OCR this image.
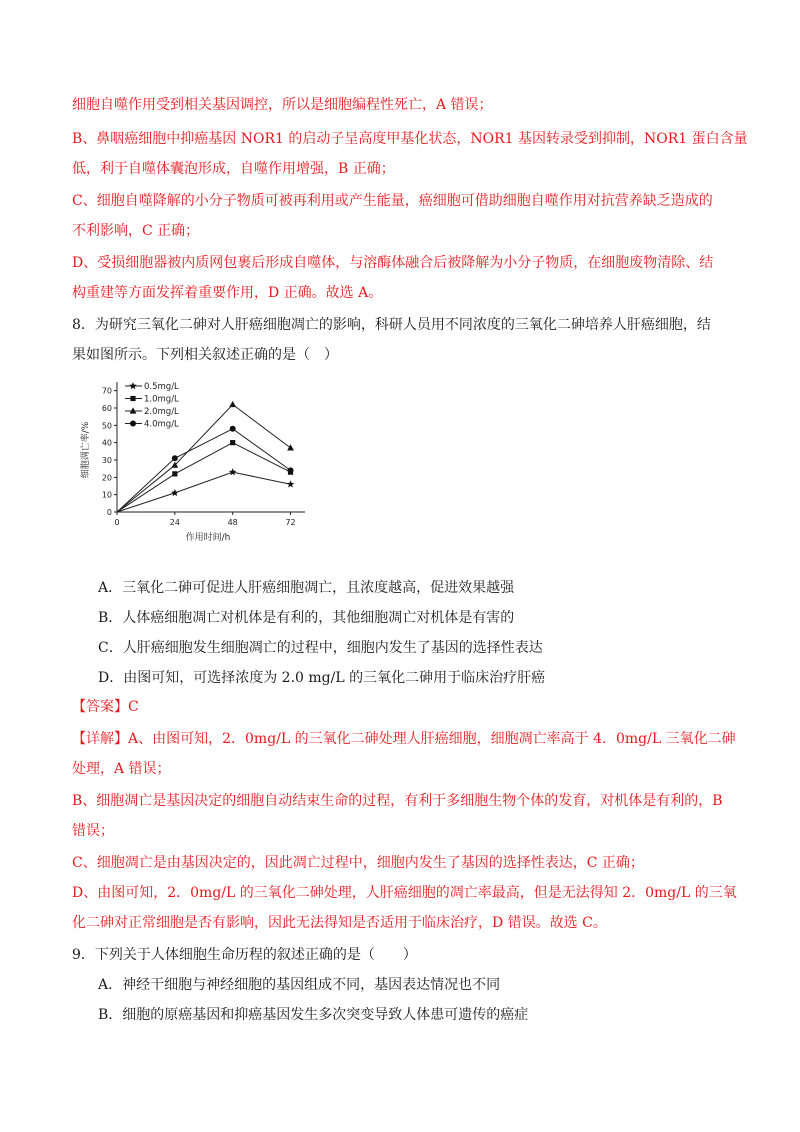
细胞自噬作用受到相关基因调控，所以是细胞编程性死亡，A 错误；
B、鼻咽癌细胞中抑癌基因 NOR1 的启动子呈高度甲基化状态，NOR1 基因转录受到抑制，NOR1 蛋白含量
低，利于自噬体囊泡形成，自噬作用增强，B 正确；
C、细胞自噬降解的小分子物质可被再利用或产生能量，癌细胞可借助细胞自噬作用对抗营养缺乏造成的
不利影响，C 正确；
D、受损细胞器被内质网包裹后形成自噬体，与溶酶体融合后被降解为小分子物质，在细胞废物清除、结
构重建等方面发挥着重要作用，D 正确。故选 A。
8．为研究三氧化二砷对人肝癌细胞凋亡的影响，科研人员用不同浓度的三氧化二砷培养人肝癌细胞，结
果如图所示。下列相关叙述正确的是（　）
0
10
20
30
40
50
60
70
0	24	48	72
0.5mg/L
1.0mg/L
2.0mg/L
4.0mg/L
细胞凋亡率/%
作用时间/h
A．三氧化二砷可促进人肝癌细胞凋亡，且浓度越高，促进效果越强
B．人体癌细胞凋亡对机体是有利的，其他细胞凋亡对机体是有害的
C．人肝癌细胞发生细胞凋亡的过程中，细胞内发生了基因的选择性表达
D．由图可知，可选择浓度为 2.0 mg/L 的三氧化二砷用于临床治疗肝癌
【答案】C
【详解】A、由图可知，2．0mg/L 的三氧化二砷处理人肝癌细胞，细胞凋亡率高于 4．0mg/L 三氧化二砷
处理，A 错误；
B、细胞凋亡是基因决定的细胞自动结束生命的过程，有利于多细胞生物个体的发育，对机体是有利的，B
错误；
C、细胞凋亡是由基因决定的，因此凋亡过程中，细胞内发生了基因的选择性表达，C 正确；
D、由图可知，2．0mg/L 的三氧化二砷处理，人肝癌细胞的凋亡率最高，但是无法得知 2．0mg/L 的三氧
化二砷对正常细胞是否有影响，因此无法得知是否适用于临床治疗，D 错误。故选 C。
9．下列关于人体细胞生命历程的叙述正确的是（　　）
A．神经干细胞与神经细胞的基因组成不同，基因表达情况也不同
B．细胞的原癌基因和抑癌基因发生多次突变导致人体患可遗传的癌症
